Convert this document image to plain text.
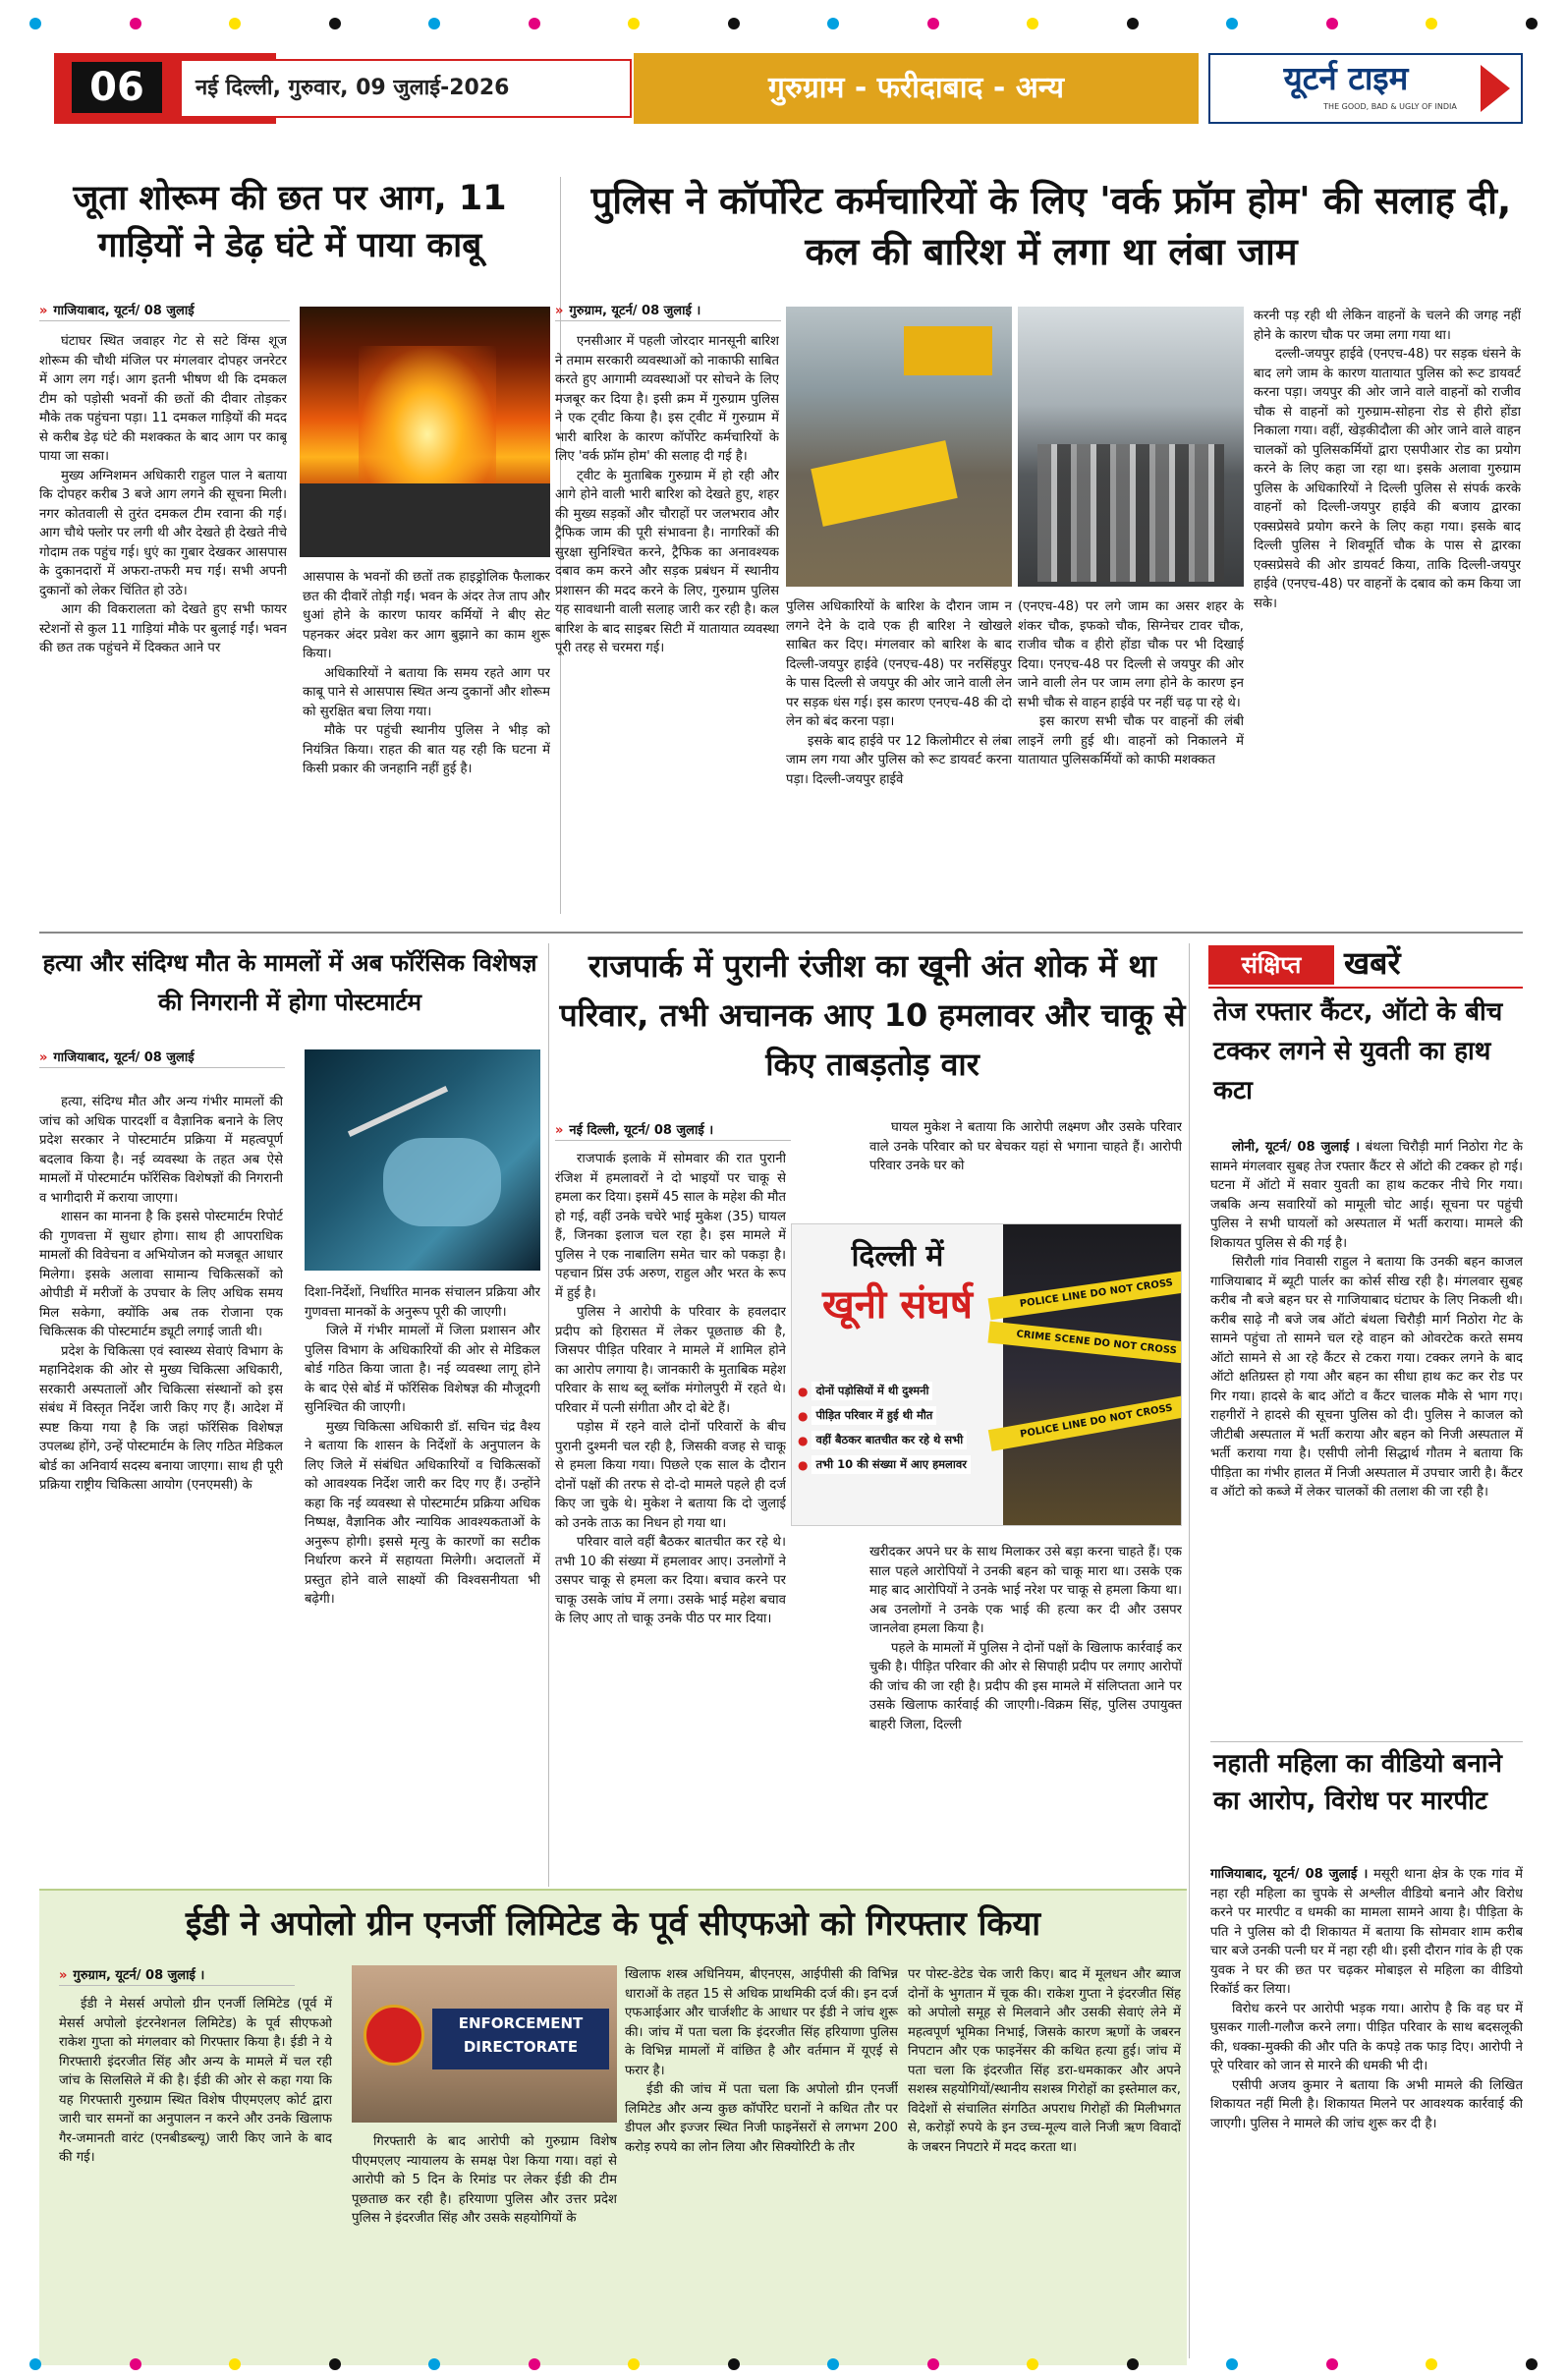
06	नई दिल्ली, गुरुवार, 09 जुलाई-2026	गुरुग्राम - फरीदाबाद - अन्य	यूटर्न टाइम
THE GOOD, BAD & UGLY OF INDIA
जूता शोरूम की छत पर आग, 11 गाड़ियों ने डेढ़ घंटे में पाया काबू
» गाजियाबाद, यूटर्न/ 08 जुलाई

घंटाघर स्थित जवाहर गेट से सटे विंग्स शूज शोरूम की चौथी मंजिल पर मंगलवार दोपहर जनरेटर में आग लग गई। आग इतनी भीषण थी कि दमकल टीम को पड़ोसी भवनों की छतों की दीवार तोड़कर मौके तक पहुंचना पड़ा। 11 दमकल गाड़ियों की मदद से करीब डेढ़ घंटे की मशक्कत के बाद आग पर काबू पाया जा सका।

मुख्य अग्निशमन अधिकारी राहुल पाल ने बताया कि दोपहर करीब 3 बजे आग लगने की सूचना मिली। नगर कोतवाली से तुरंत दमकल टीम रवाना की गई। आग चौथे फ्लोर पर लगी थी और देखते ही देखते नीचे गोदाम तक पहुंच गई। धुएं का गुबार देखकर आसपास के दुकानदारों में अफरा-तफरी मच गई। सभी अपनी दुकानों को लेकर चिंतित हो उठे।

आग की विकरालता को देखते हुए सभी फायर स्टेशनों से कुल 11 गाड़ियां मौके पर बुलाई गईं। भवन की छत तक पहुंचने में दिक्कत आने पर

आसपास के भवनों की छतों तक हाइड्रोलिक फैलाकर छत की दीवारें तोड़ी गईं। भवन के अंदर तेज ताप और धुआं होने के कारण फायर कर्मियों ने बीए सेट पहनकर अंदर प्रवेश कर आग बुझाने का काम शुरू किया।

अधिकारियों ने बताया कि समय रहते आग पर काबू पाने से आसपास स्थित अन्य दुकानों और शोरूम को सुरक्षित बचा लिया गया।

मौके पर पहुंची स्थानीय पुलिस ने भीड़ को नियंत्रित किया। राहत की बात यह रही कि घटना में किसी प्रकार की जनहानि नहीं हुई है।

पुलिस ने कॉर्पोरेट कर्मचारियों के लिए 'वर्क फ्रॉम होम' की सलाह दी, कल की बारिश में लगा था लंबा जाम
» गुरुग्राम, यूटर्न/ 08 जुलाई ।

एनसीआर में पहली जोरदार मानसूनी बारिश ने तमाम सरकारी व्यवस्थाओं को नाकाफी साबित करते हुए आगामी व्यवस्थाओं पर सोचने के लिए मजबूर कर दिया है। इसी क्रम में गुरुग्राम पुलिस ने एक ट्वीट किया है। इस ट्वीट में गुरुग्राम में भारी बारिश के कारण कॉर्पोरेट कर्मचारियों के लिए 'वर्क फ्रॉम होम' की सलाह दी गई है।

ट्वीट के मुताबिक गुरुग्राम में हो रही और आगे होने वाली भारी बारिश को देखते हुए, शहर की मुख्य सड़कों और चौराहों पर जलभराव और ट्रैफिक जाम की पूरी संभावना है। नागरिकों की सुरक्षा सुनिश्चित करने, ट्रैफिक का अनावश्यक दबाव कम करने और सड़क प्रबंधन में स्थानीय प्रशासन की मदद करने के लिए, गुरुग्राम पुलिस यह सावधानी वाली सलाह जारी कर रही है। कल बारिश के बाद साइबर सिटी में यातायात व्यवस्था पूरी तरह से चरमरा गई।

पुलिस अधिकारियों के बारिश के दौरान जाम न लगने देने के दावे एक ही बारिश ने खोखले साबित कर दिए। मंगलवार को बारिश के बाद दिल्ली-जयपुर हाईवे (एनएच-48) पर नरसिंहपुर के पास दिल्ली से जयपुर की ओर जाने वाली लेन पर सड़क धंस गई। इस कारण एनएच-48 की दो लेन को बंद करना पड़ा।

इसके बाद हाईवे पर 12 किलोमीटर से लंबा जाम लग गया और पुलिस को रूट डायवर्ट करना पड़ा। दिल्ली-जयपुर हाईवे

(एनएच-48) पर लगे जाम का असर शहर के शंकर चौक, इफको चौक, सिग्नेचर टावर चौक, राजीव चौक व हीरो होंडा चौक पर भी दिखाई दिया। एनएच-48 पर दिल्ली से जयपुर की ओर जाने वाली लेन पर जाम लगा होने के कारण इन सभी चौक से वाहन हाईवे पर नहीं चढ़ पा रहे थे।

इस कारण सभी चौक पर वाहनों की लंबी लाइनें लगी हुई थी। वाहनों को निकालने में यातायात पुलिसकर्मियों को काफी मशक्कत

करनी पड़ रही थी लेकिन वाहनों के चलने की जगह नहीं होने के कारण चौक पर जमा लगा गया था।

दल्ली-जयपुर हाईवे (एनएच-48) पर सड़क धंसने के बाद लगे जाम के कारण यातायात पुलिस को रूट डायवर्ट करना पड़ा। जयपुर की ओर जाने वाले वाहनों को राजीव चौक से वाहनों को गुरुग्राम-सोहना रोड से हीरो होंडा निकाला गया। वहीं, खेड़कीदौला की ओर जाने वाले वाहन चालकों को पुलिसकर्मियों द्वारा एसपीआर रोड का प्रयोग करने के लिए कहा जा रहा था। इसके अलावा गुरुग्राम पुलिस के अधिकारियों ने दिल्ली पुलिस से संपर्क करके वाहनों को दिल्ली-जयपुर हाईवे की बजाय द्वारका एक्सप्रेसवे प्रयोग करने के लिए कहा गया। इसके बाद दिल्ली पुलिस ने शिवमूर्ति चौक के पास से द्वारका एक्सप्रेसवे की ओर डायवर्ट किया, ताकि दिल्ली-जयपुर हाईवे (एनएच-48) पर वाहनों के दबाव को कम किया जा सके।

हत्या और संदिग्ध मौत के मामलों में अब फॉरेंसिक विशेषज्ञ की निगरानी में होगा पोस्टमार्टम
» गाजियाबाद, यूटर्न/ 08 जुलाई

हत्या, संदिग्ध मौत और अन्य गंभीर मामलों की जांच को अधिक पारदर्शी व वैज्ञानिक बनाने के लिए प्रदेश सरकार ने पोस्टमार्टम प्रक्रिया में महत्वपूर्ण बदलाव किया है। नई व्यवस्था के तहत अब ऐसे मामलों में पोस्टमार्टम फॉरेंसिक विशेषज्ञों की निगरानी व भागीदारी में कराया जाएगा।

शासन का मानना है कि इससे पोस्टमार्टम रिपोर्ट की गुणवत्ता में सुधार होगा। साथ ही आपराधिक मामलों की विवेचना व अभियोजन को मजबूत आधार मिलेगा। इसके अलावा सामान्य चिकित्सकों को ओपीडी में मरीजों के उपचार के लिए अधिक समय मिल सकेगा, क्योंकि अब तक रोजाना एक चिकित्सक की पोस्टमार्टम ड्यूटी लगाई जाती थी।

प्रदेश के चिकित्सा एवं स्वास्थ्य सेवाएं विभाग के महानिदेशक की ओर से मुख्य चिकित्सा अधिकारी, सरकारी अस्पतालों और चिकित्सा संस्थानों को इस संबंध में विस्तृत निर्देश जारी किए गए हैं। आदेश में स्पष्ट किया गया है कि जहां फॉरेंसिक विशेषज्ञ उपलब्ध होंगे, उन्हें पोस्टमार्टम के लिए गठित मेडिकल बोर्ड का अनिवार्य सदस्य बनाया जाएगा। साथ ही पूरी प्रक्रिया राष्ट्रीय चिकित्सा आयोग (एनएमसी) के

दिशा-निर्देशों, निर्धारित मानक संचालन प्रक्रिया और गुणवत्ता मानकों के अनुरूप पूरी की जाएगी।

जिले में गंभीर मामलों में जिला प्रशासन और पुलिस विभाग के अधिकारियों की ओर से मेडिकल बोर्ड गठित किया जाता है। नई व्यवस्था लागू होने के बाद ऐसे बोर्ड में फॉरेंसिक विशेषज्ञ की मौजूदगी सुनिश्चित की जाएगी।

मुख्य चिकित्सा अधिकारी डॉ. सचिन चंद्र वैश्य ने बताया कि शासन के निर्देशों के अनुपालन के लिए जिले में संबंधित अधिकारियों व चिकित्सकों को आवश्यक निर्देश जारी कर दिए गए हैं। उन्होंने कहा कि नई व्यवस्था से पोस्टमार्टम प्रक्रिया अधिक निष्पक्ष, वैज्ञानिक और न्यायिक आवश्यकताओं के अनुरूप होगी। इससे मृत्यु के कारणों का सटीक निर्धारण करने में सहायता मिलेगी। अदालतों में प्रस्तुत होने वाले साक्ष्यों की विश्वसनीयता भी बढ़ेगी।

राजपार्क में पुरानी रंजीश का खूनी अंत शोक में था परिवार, तभी अचानक आए 10 हमलावर और चाकू से किए ताबड़तोड़ वार
» नई दिल्ली, यूटर्न/ 08 जुलाई ।	घायल मुकेश ने बताया कि आरोपी लक्ष्मण और उसके परिवार वाले उनके परिवार को घर बेचकर यहां से भगाना चाहते हैं। आरोपी परिवार उनके घर को

राजपार्क इलाके में सोमवार की रात पुरानी रंजिश में हमलावरों ने दो भाइयों पर चाकू से हमला कर दिया। इसमें 45 साल के महेश की मौत हो गई, वहीं उनके चचेरे भाई मुकेश (35) घायल हैं, जिनका इलाज चल रहा है। इस मामले में पुलिस ने एक नाबालिग समेत चार को पकड़ा है। पहचान प्रिंस उर्फ अरुण, राहुल और भरत के रूप में हुई है।

पुलिस ने आरोपी के परिवार के हवलदार प्रदीप को हिरासत में लेकर पूछताछ की है, जिसपर पीड़ित परिवार ने मामले में शामिल होने का आरोप लगाया है। जानकारी के मुताबिक महेश परिवार के साथ ब्लू ब्लॉक मंगोलपुरी में रहते थे। परिवार में पत्नी संगीता और दो बेटे हैं।

पड़ोस में रहने वाले दोनों परिवारों के बीच पुरानी दुश्मनी चल रही है, जिसकी वजह से चाकू से हमला किया गया। पिछले एक साल के दौरान दोनों पक्षों की तरफ से दो-दो मामले पहले ही दर्ज किए जा चुके थे। मुकेश ने बताया कि दो जुलाई को उनके ताऊ का निधन हो गया था।

परिवार वाले वहीं बैठकर बातचीत कर रहे थे। तभी 10 की संख्या में हमलावर आए। उनलोगों ने उसपर चाकू से हमला कर दिया। बचाव करने पर चाकू उसके जांघ में लगा। उसके भाई महेश बचाव के लिए आए तो चाकू उनके पीठ पर मार दिया।

POLICE LINE DO NOT CROSS
CRIME SCENE DO NOT CROSS
POLICE LINE DO NOT CROSS
दिल्ली में
खूनी संघर्ष
● दोनों पड़ोसियों में थी दुश्मनी
● पीड़ित परिवार में हुई थी मौत
● वहीं बैठकर बातचीत कर रहे थे सभी
● तभी 10 की संख्या में आए हमलावर

खरीदकर अपने घर के साथ मिलाकर उसे बड़ा करना चाहते हैं। एक साल पहले आरोपियों ने उनकी बहन को चाकू मारा था। उसके एक माह बाद आरोपियों ने उनके भाई नरेश पर चाकू से हमला किया था। अब उनलोगों ने उनके एक भाई की हत्या कर दी और उसपर जानलेवा हमला किया है।

पहले के मामलों में पुलिस ने दोनों पक्षों के खिलाफ कार्रवाई कर चुकी है। पीड़ित परिवार की ओर से सिपाही प्रदीप पर लगाए आरोपों की जांच की जा रही है। प्रदीप की इस मामले में संलिप्तता आने पर उसके खिलाफ कार्रवाई की जाएगी।-विक्रम सिंह, पुलिस उपायुक्त बाहरी जिला, दिल्ली

संक्षिप्त	खबरें
तेज रफ्तार कैंटर, ऑटो के बीच टक्कर लगने से युवती का हाथ कटा

लोनी, यूटर्न/ 08 जुलाई । बंथला चिरौड़ी मार्ग निठोरा गेट के सामने मंगलवार सुबह तेज रफ्तार कैंटर से ऑटो की टक्कर हो गई। घटना में ऑटो में सवार युवती का हाथ कटकर नीचे गिर गया। जबकि अन्य सवारियों को मामूली चोट आई। सूचना पर पहुंची पुलिस ने सभी घायलों को अस्पताल में भर्ती कराया। मामले की शिकायत पुलिस से की गई है।

सिरौली गांव निवासी राहुल ने बताया कि उनकी बहन काजल गाजियाबाद में ब्यूटी पार्लर का कोर्स सीख रही है। मंगलवार सुबह करीब नौ बजे बहन घर से गाजियाबाद घंटाघर के लिए निकली थी। करीब साढ़े नौ बजे जब ऑटो बंथला चिरौड़ी मार्ग निठोरा गेट के सामने पहुंचा तो सामने चल रहे वाहन को ओवरटेक करते समय ऑटो सामने से आ रहे कैंटर से टकरा गया। टक्कर लगने के बाद ऑटो क्षतिग्रस्त हो गया और बहन का सीधा हाथ कट कर रोड पर गिर गया। हादसे के बाद ऑटो व कैंटर चालक मौके से भाग गए। राहगीरों ने हादसे की सूचना पुलिस को दी। पुलिस ने काजल को जीटीबी अस्पताल में भर्ती कराया और बहन को निजी अस्पताल में भर्ती कराया गया है। एसीपी लोनी सिद्धार्थ गौतम ने बताया कि पीड़िता का गंभीर हालत में निजी अस्पताल में उपचार जारी है। कैंटर व ऑटो को कब्जे में लेकर चालकों की तलाश की जा रही है।

नहाती महिला का वीडियो बनाने का आरोप, विरोध पर मारपीट

गाजियाबाद, यूटर्न/ 08 जुलाई । मसूरी थाना क्षेत्र के एक गांव में नहा रही महिला का चुपके से अश्लील वीडियो बनाने और विरोध करने पर मारपीट व धमकी का मामला सामने आया है। पीड़िता के पति ने पुलिस को दी शिकायत में बताया कि सोमवार शाम करीब चार बजे उनकी पत्नी घर में नहा रही थी। इसी दौरान गांव के ही एक युवक ने घर की छत पर चढ़कर मोबाइल से महिला का वीडियो रिकॉर्ड कर लिया।

विरोध करने पर आरोपी भड़क गया। आरोप है कि वह घर में घुसकर गाली-गलौज करने लगा। पीड़ित परिवार के साथ बदसलूकी की, धक्का-मुक्की की और पति के कपड़े तक फाड़ दिए। आरोपी ने पूरे परिवार को जान से मारने की धमकी भी दी।

एसीपी अजय कुमार ने बताया कि अभी मामले की लिखित शिकायत नहीं मिली है। शिकायत मिलने पर आवश्यक कार्रवाई की जाएगी। पुलिस ने मामले की जांच शुरू कर दी है।

ईडी ने अपोलो ग्रीन एनर्जी लिमिटेड के पूर्व सीएफओ को गिरफ्तार किया
» गुरुग्राम, यूटर्न/ 08 जुलाई ।

ईडी ने मेसर्स अपोलो ग्रीन एनर्जी लिमिटेड (पूर्व में मेसर्स अपोलो इंटरनेशनल लिमिटेड) के पूर्व सीएफओ राकेश गुप्ता को मंगलवार को गिरफ्तार किया है। ईडी ने ये गिरफ्तारी इंदरजीत सिंह और अन्य के मामले में चल रही जांच के सिलसिले में की है। ईडी की ओर से कहा गया कि यह गिरफ्तारी गुरुग्राम स्थित विशेष पीएमएलए कोर्ट द्वारा जारी चार समनों का अनुपालन न करने और उनके खिलाफ गैर-जमानती वारंट (एनबीडब्ल्यू) जारी किए जाने के बाद की गई।

ENFORCEMENT
DIRECTORATE

गिरफ्तारी के बाद आरोपी को गुरुग्राम विशेष पीएमएलए न्यायालय के समक्ष पेश किया गया। वहां से आरोपी को 5 दिन के रिमांड पर लेकर ईडी की टीम पूछताछ कर रही है। हरियाणा पुलिस और उत्तर प्रदेश पुलिस ने इंदरजीत सिंह और उसके सहयोगियों के

खिलाफ शस्त्र अधिनियम, बीएनएस, आईपीसी की विभिन्न धाराओं के तहत 15 से अधिक प्राथमिकी दर्ज की। इन दर्ज एफआईआर और चार्जशीट के आधार पर ईडी ने जांच शुरू की। जांच में पता चला कि इंदरजीत सिंह हरियाणा पुलिस के विभिन्न मामलों में वांछित है और वर्तमान में यूएई से फरार है।

ईडी की जांच में पता चला कि अपोलो ग्रीन एनर्जी लिमिटेड और अन्य कुछ कॉर्पोरेट घरानों ने कथित तौर पर डीपल और इज्जर स्थित निजी फाइनेंसरों से लगभग 200 करोड़ रुपये का लोन लिया और सिक्योरिटी के तौर

पर पोस्ट-डेटेड चेक जारी किए। बाद में मूलधन और ब्याज दोनों के भुगतान में चूक की। राकेश गुप्ता ने इंदरजीत सिंह को अपोलो समूह से मिलवाने और उसकी सेवाएं लेने में महत्वपूर्ण भूमिका निभाई, जिसके कारण ऋणों के जबरन निपटान और एक फाइनेंसर की कथित हत्या हुई। जांच में पता चला कि इंदरजीत सिंह डरा-धमकाकर और अपने सशस्त्र सहयोगियों/स्थानीय सशस्त्र गिरोहों का इस्तेमाल कर, विदेशों से संचालित संगठित अपराध गिरोहों की मिलीभगत से, करोड़ों रुपये के इन उच्च-मूल्य वाले निजी ऋण विवादों के जबरन निपटारे में मदद करता था।
